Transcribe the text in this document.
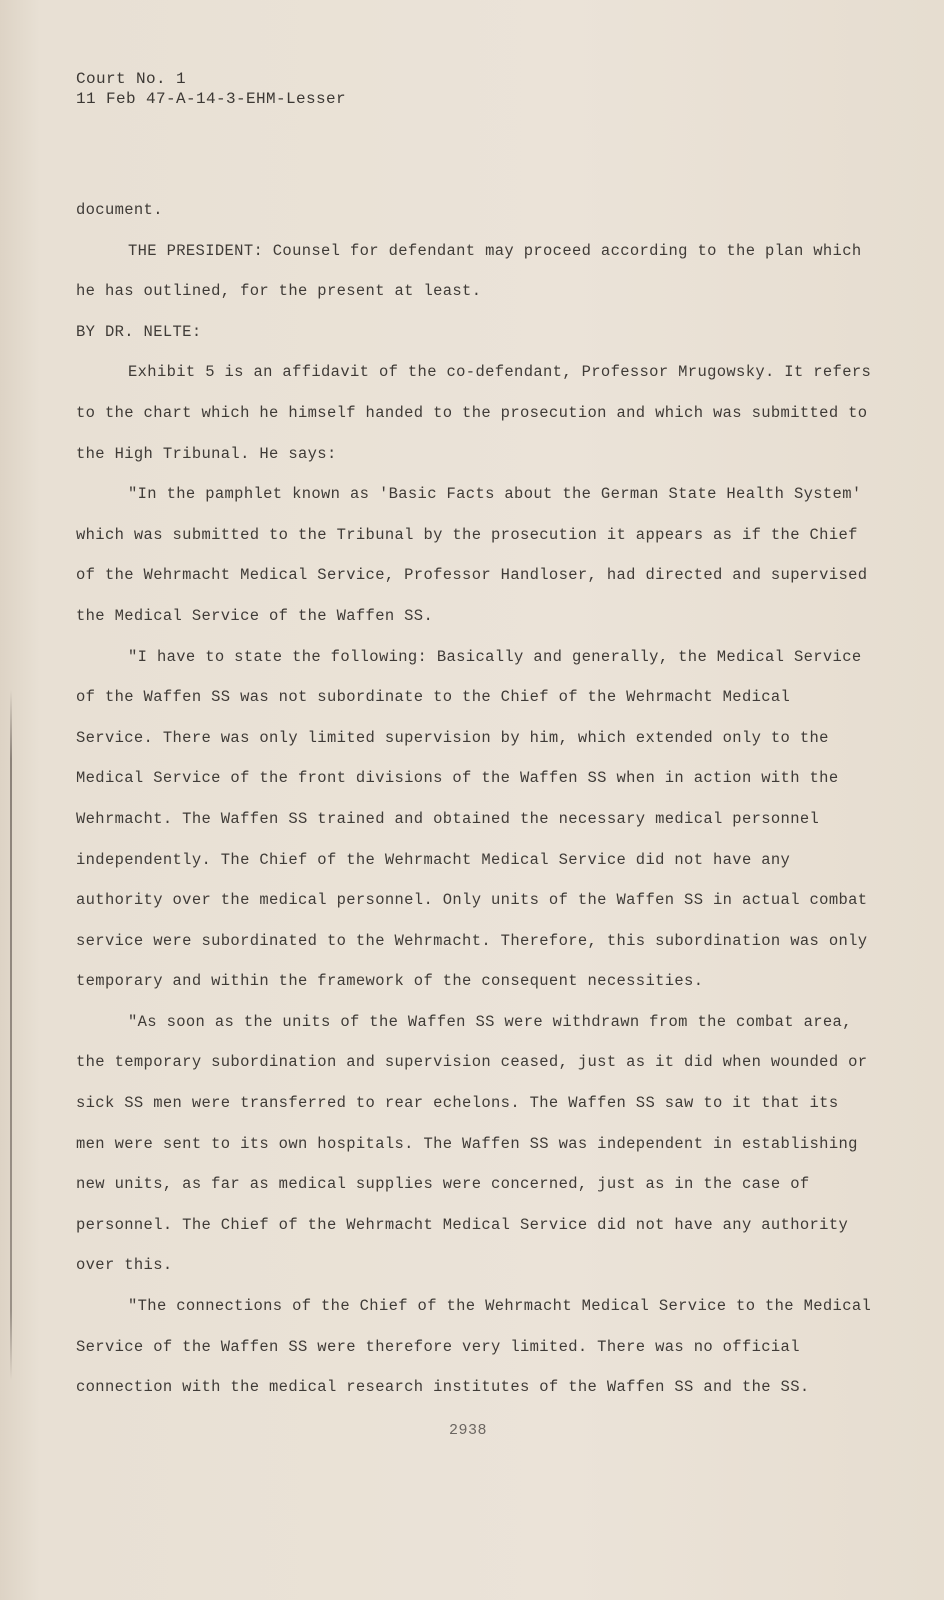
Court No. 1
11 Feb 47-A-14-3-EHM-Lesser

document.

THE PRESIDENT: Counsel for defendant may proceed according to the plan which he has outlined, for the present at least.

BY DR. NELTE:

Exhibit 5 is an affidavit of the co-defendant, Professor Mrugowsky. It refers to the chart which he himself handed to the prosecution and which was submitted to the High Tribunal. He says:

"In the pamphlet known as 'Basic Facts about the German State Health System' which was submitted to the Tribunal by the prosecution it appears as if the Chief of the Wehrmacht Medical Service, Professor Handloser, had directed and supervised the Medical Service of the Waffen SS.

"I have to state the following: Basically and generally, the Medical Service of the Waffen SS was not subordinate to the Chief of the Wehrmacht Medical Service. There was only limited supervision by him, which extended only to the Medical Service of the front divisions of the Waffen SS when in action with the Wehrmacht. The Waffen SS trained and obtained the necessary medical personnel independently. The Chief of the Wehrmacht Medical Service did not have any authority over the medical personnel. Only units of the Waffen SS in actual combat service were subordinated to the Wehrmacht. Therefore, this subordination was only temporary and within the framework of the consequent necessities.

"As soon as the units of the Waffen SS were withdrawn from the combat area, the temporary subordination and supervision ceased, just as it did when wounded or sick SS men were transferred to rear echelons. The Waffen SS saw to it that its men were sent to its own hospitals. The Waffen SS was independent in establishing new units, as far as medical supplies were concerned, just as in the case of personnel. The Chief of the Wehrmacht Medical Service did not have any authority over this.

"The connections of the Chief of the Wehrmacht Medical Service to the Medical Service of the Waffen SS were therefore very limited. There was no official connection with the medical research institutes of the Waffen SS and the SS.

2938
